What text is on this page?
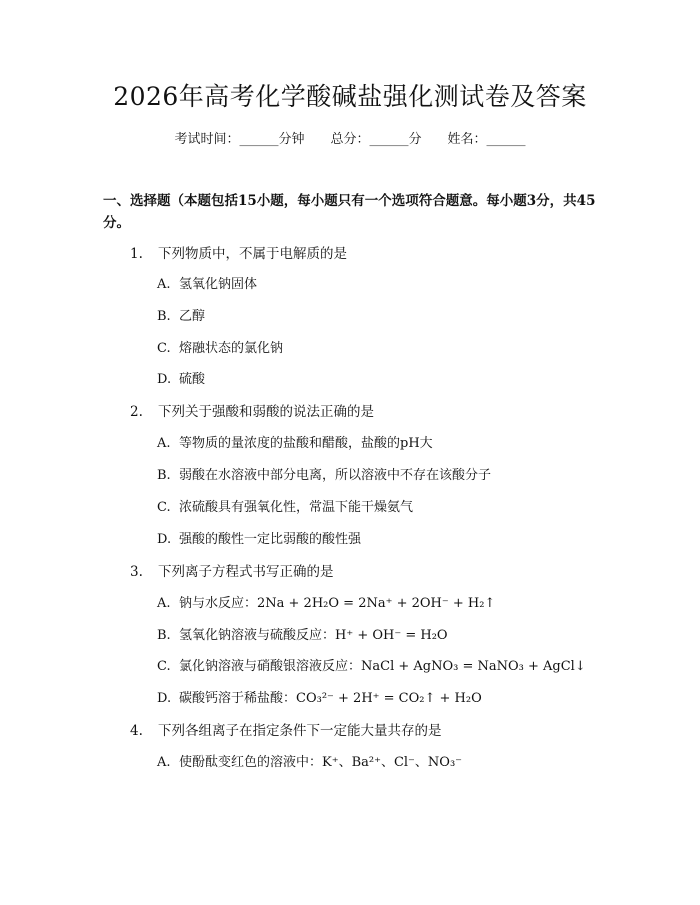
2026年高考化学酸碱盐强化测试卷及答案
考试时间：______分钟 总分：______分 姓名：______
一、选择题（本题包括15小题，每小题只有一个选项符合题意。每小题3分，共45分。
1. 下列物质中，不属于电解质的是
A. 氢氧化钠固体
B. 乙醇
C. 熔融状态的氯化钠
D. 硫酸
2. 下列关于强酸和弱酸的说法正确的是
A. 等物质的量浓度的盐酸和醋酸，盐酸的pH大
B. 弱酸在水溶液中部分电离，所以溶液中不存在该酸分子
C. 浓硫酸具有强氧化性，常温下能干燥氨气
D. 强酸的酸性一定比弱酸的酸性强
3. 下列离子方程式书写正确的是
A. 钠与水反应：2Na + 2H₂O = 2Na⁺ + 2OH⁻ + H₂↑
B. 氢氧化钠溶液与硫酸反应：H⁺ + OH⁻ = H₂O
C. 氯化钠溶液与硝酸银溶液反应：NaCl + AgNO₃ = NaNO₃ + AgCl↓
D. 碳酸钙溶于稀盐酸：CO₃²⁻ + 2H⁺ = CO₂↑ + H₂O
4. 下列各组离子在指定条件下一定能大量共存的是
A. 使酚酞变红色的溶液中：K⁺、Ba²⁺、Cl⁻、NO₃⁻
